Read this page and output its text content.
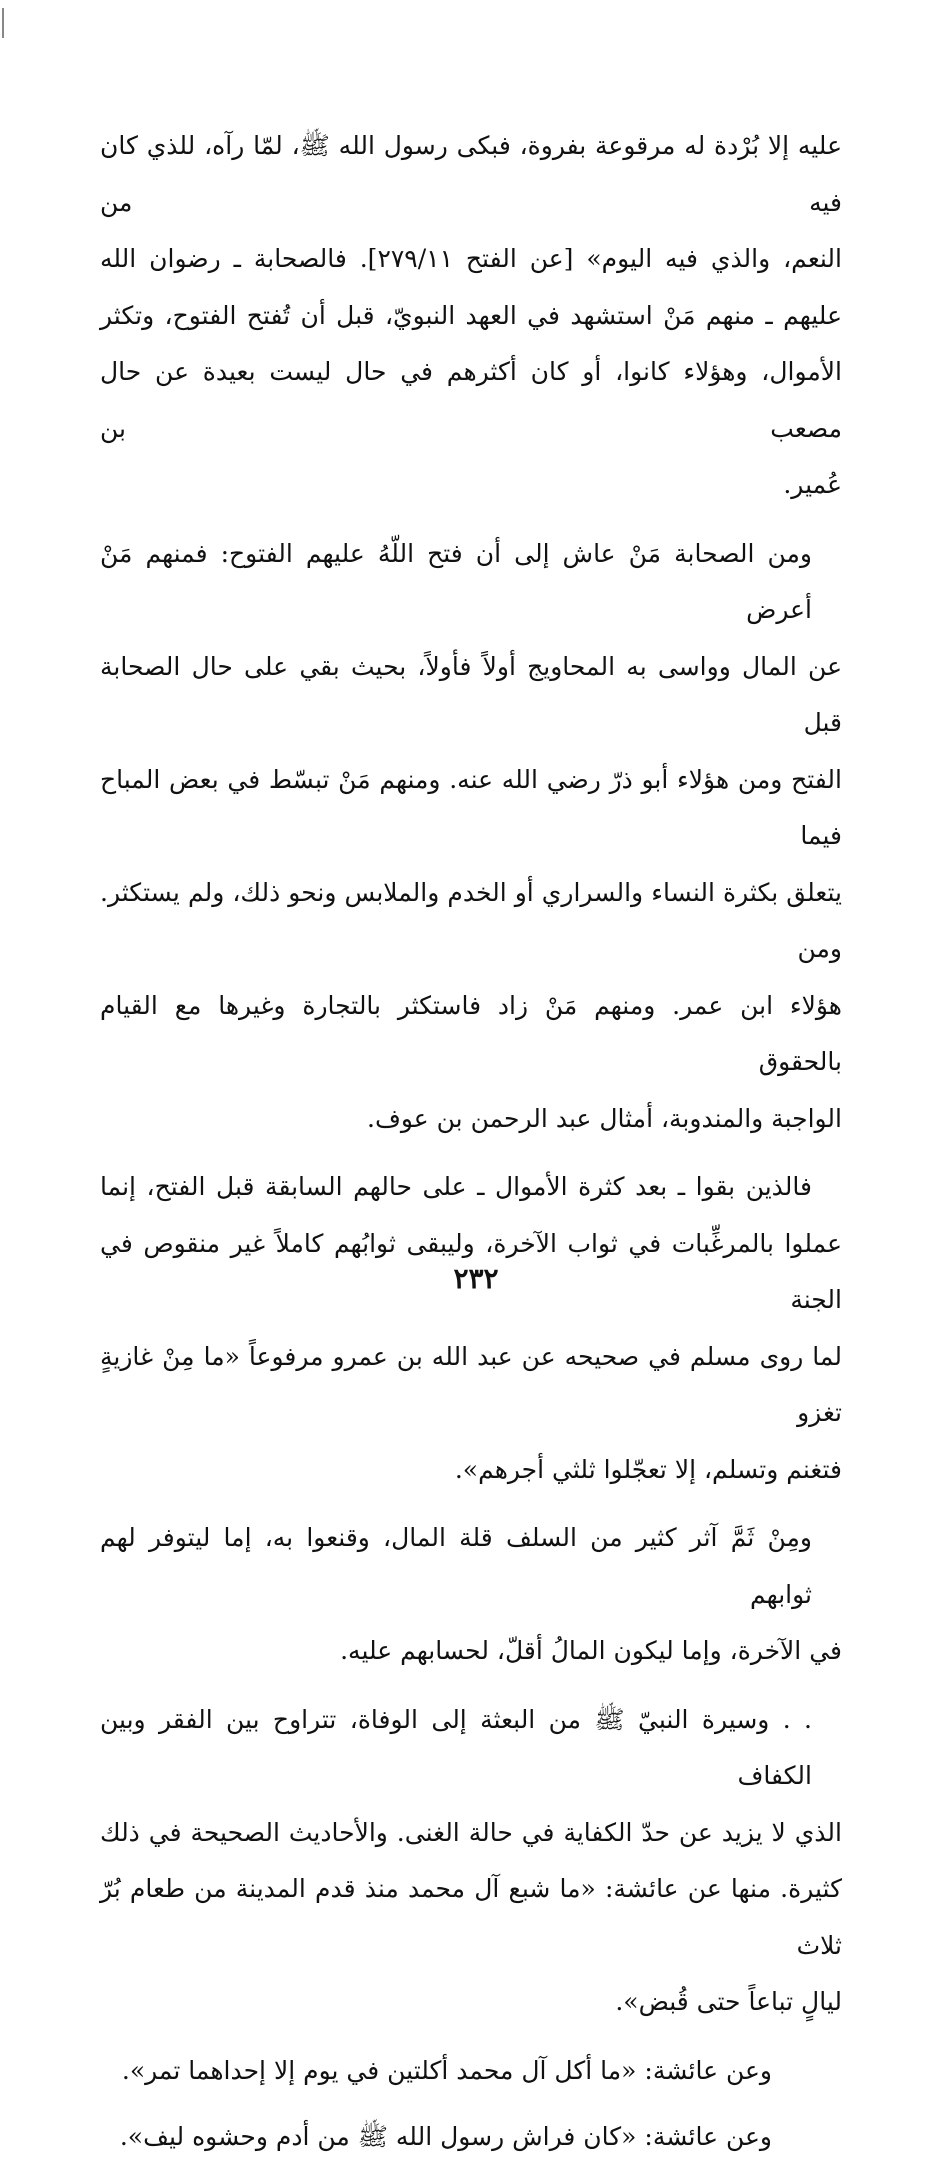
عليه إلا بُرْدة له مرقوعة بفروة، فبكى رسول الله ﷺ، لمّا رآه، للذي كان فيه من
النعم، والذي فيه اليوم» [عن الفتح ٢٧٩/١١]. فالصحابة ـ رضوان الله
عليهم ـ منهم مَنْ استشهد في العهد النبويّ، قبل أن تُفتح الفتوح، وتكثر
الأموال، وهؤلاء كانوا، أو كان أكثرهم في حال ليست بعيدة عن حال مصعب بن
عُمير.
ومن الصحابة مَنْ عاش إلى أن فتح اللّهُ عليهم الفتوح: فمنهم مَنْ أعرض
عن المال وواسى به المحاويج أولاً فأولاً، بحيث بقي على حال الصحابة قبل
الفتح ومن هؤلاء أبو ذرّ رضي الله عنه. ومنهم مَنْ تبسّط في بعض المباح فيما
يتعلق بكثرة النساء والسراري أو الخدم والملابس ونحو ذلك، ولم يستكثر. ومن
هؤلاء ابن عمر. ومنهم مَنْ زاد فاستكثر بالتجارة وغيرها مع القيام بالحقوق
الواجبة والمندوبة، أمثال عبد الرحمن بن عوف.
فالذين بقوا ـ بعد كثرة الأموال ـ على حالهم السابقة قبل الفتح، إنما
عملوا بالمرغِّبات في ثواب الآخرة، وليبقى ثوابُهم كاملاً غير منقوص في الجنة
لما روى مسلم في صحيحه عن عبد الله بن عمرو مرفوعاً «ما مِنْ غازيةٍ تغزو
فتغنم وتسلم، إلا تعجّلوا ثلثي أجرهم».
ومِنْ ثَمَّ آثر كثير من السلف قلة المال، وقنعوا به، إما ليتوفر لهم ثوابهم
في الآخرة، وإما ليكون المالُ أقلّ، لحسابهم عليه.
. . وسيرة النبيّ ﷺ من البعثة إلى الوفاة، تتراوح بين الفقر وبين الكفاف
الذي لا يزيد عن حدّ الكفاية في حالة الغنى. والأحاديث الصحيحة في ذلك
كثيرة. منها عن عائشة: «ما شبع آل محمد منذ قدم المدينة من طعام بُرّ ثلاث
ليالٍ تباعاً حتى قُبض».
وعن عائشة: «ما أكل آل محمد أكلتين في يوم إلا إحداهما تمر».
وعن عائشة: «كان فراش رسول الله ﷺ من أدم وحشوه ليف».
٢٣٢
